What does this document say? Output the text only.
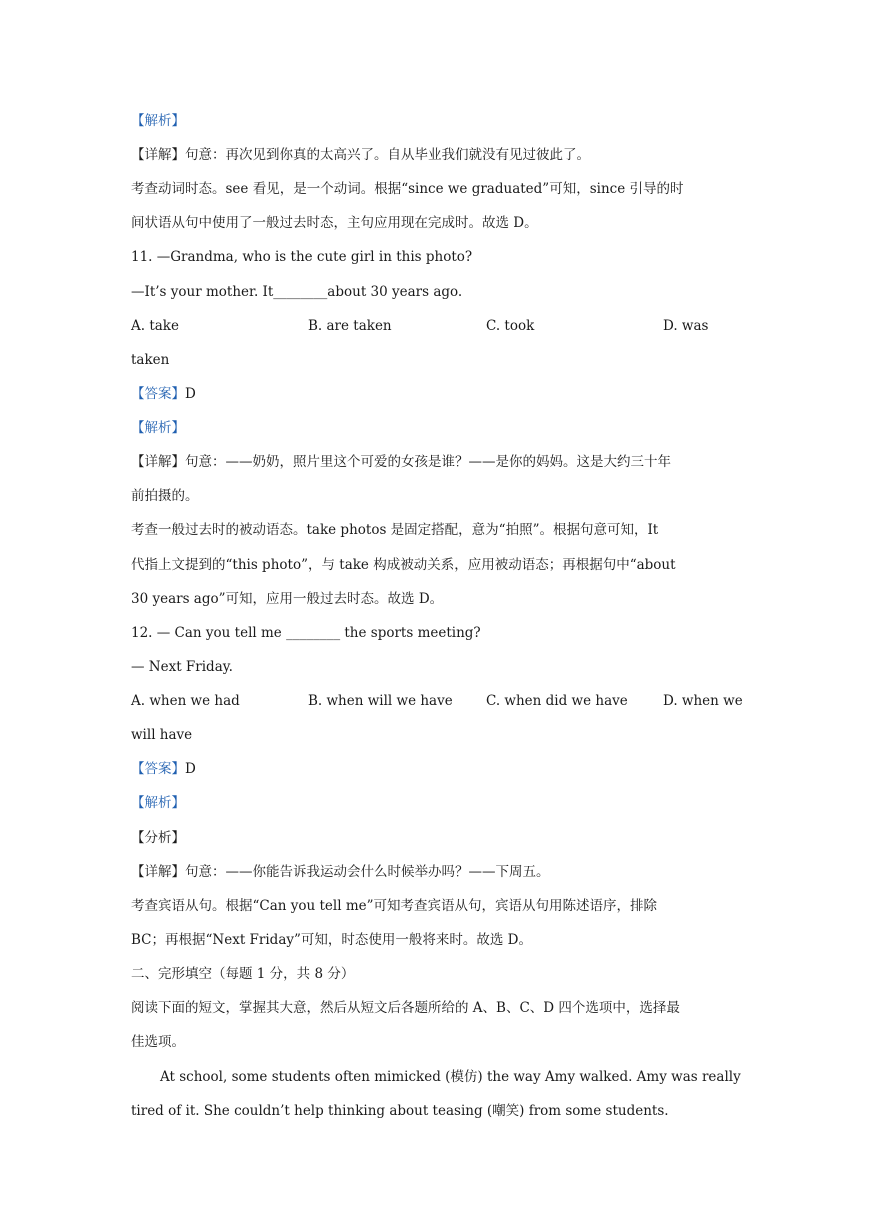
【解析】
【详解】句意：再次见到你真的太高兴了。自从毕业我们就没有见过彼此了。
考查动词时态。see 看见，是一个动词。根据“since we graduated”可知，since 引导的时
间状语从句中使用了一般过去时态，主句应用现在完成时。故选 D。
11. —Grandma, who is the cute girl in this photo?
—It’s your mother. It________about 30 years ago.
A. take	B. are taken	C. took	D. was
taken
【答案】D
【解析】
【详解】句意：——奶奶，照片里这个可爱的女孩是谁？——是你的妈妈。这是大约三十年
前拍摄的。
考查一般过去时的被动语态。take photos 是固定搭配，意为“拍照”。根据句意可知，It
代指上文提到的“this photo”，与 take 构成被动关系，应用被动语态；再根据句中“about
30 years ago”可知，应用一般过去时态。故选 D。
12. — Can you tell me ________ the sports meeting?
— Next Friday.
A. when we had	B. when will we have C. when did we have	D. when we
will have
【答案】D
【解析】
【分析】
【详解】句意：——你能告诉我运动会什么时候举办吗？——下周五。
考查宾语从句。根据“Can you tell me”可知考查宾语从句，宾语从句用陈述语序，排除
BC；再根据“Next Friday”可知，时态使用一般将来时。故选 D。
二、完形填空（每题 1 分，共 8 分）
阅读下面的短文，掌握其大意，然后从短文后各题所给的 A、B、C、D 四个选项中，选择最
佳选项。
At school, some students often mimicked (模仿) the way Amy walked. Amy was really
tired of it. She couldn’t help thinking about teasing (嘲笑) from some students.
